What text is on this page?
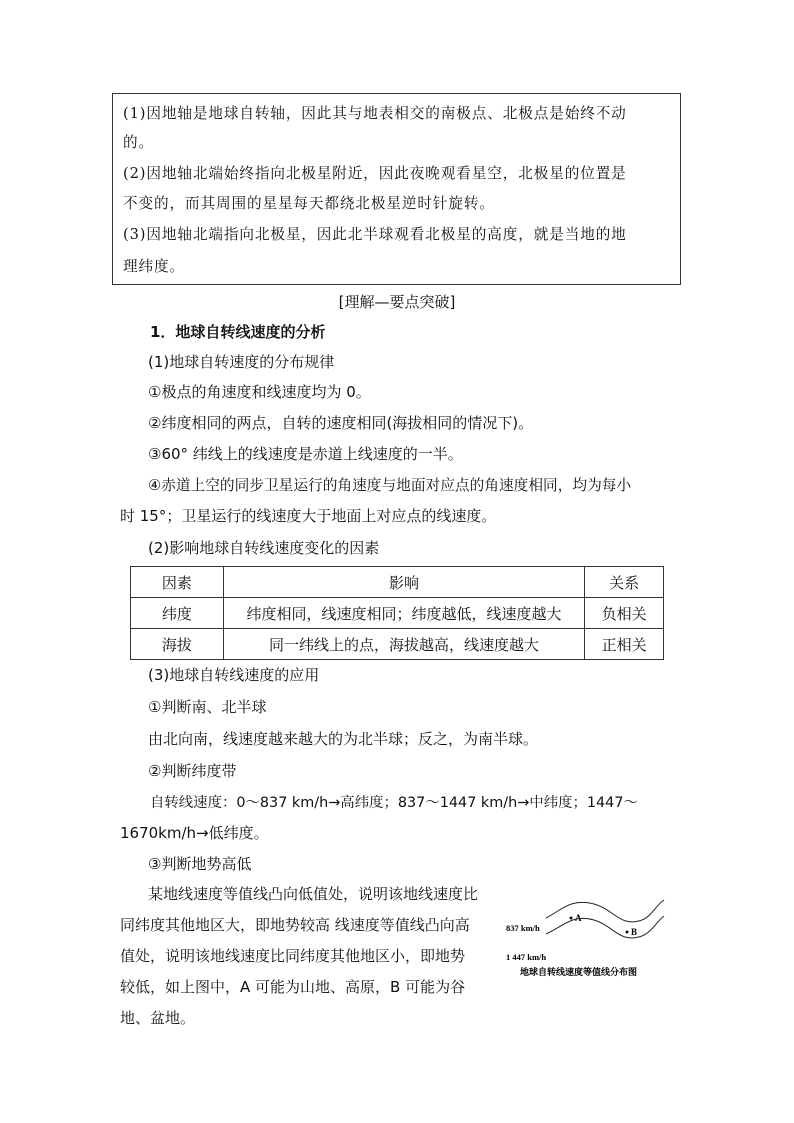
(1)因地轴是地球自转轴，因此其与地表相交的南极点、北极点是始终不动
的。
(2)因地轴北端始终指向北极星附近，因此夜晚观看星空，北极星的位置是
不变的，而其周围的星星每天都绕北极星逆时针旋转。
(3)因地轴北端指向北极星，因此北半球观看北极星的高度，就是当地的地
理纬度。
[理解—要点突破]
1．地球自转线速度的分析
(1)地球自转速度的分布规律
①极点的角速度和线速度均为 0。
②纬度相同的两点，自转的速度相同(海拔相同的情况下)。
③60° 纬线上的线速度是赤道上线速度的一半。
④赤道上空的同步卫星运行的角速度与地面对应点的角速度相同，均为每小
时 15°；卫星运行的线速度大于地面上对应点的线速度。
(2)影响地球自转线速度变化的因素
因素	影响	关系
纬度	纬度相同，线速度相同；纬度越低，线速度越大	负相关
海拔	同一纬线上的点，海拔越高，线速度越大	正相关
(3)地球自转线速度的应用
①判断南、北半球
由北向南，线速度越来越大的为北半球；反之，为南半球。
②判断纬度带
自转线速度：0～837 km/h→高纬度；837～1447 km/h→中纬度；1447～
1670km/h→低纬度。
③判断地势高低
某地线速度等值线凸向低值处，说明该地线速度比
同纬度其他地区大，即地势较高 线速度等值线凸向高
值处，说明该地线速度比同纬度其他地区小，即地势
较低，如上图中，A 可能为山地、高原，B 可能为谷
地、盆地。
A
B
837 km/h
1 447 km/h
地球自转线速度等值线分布图
